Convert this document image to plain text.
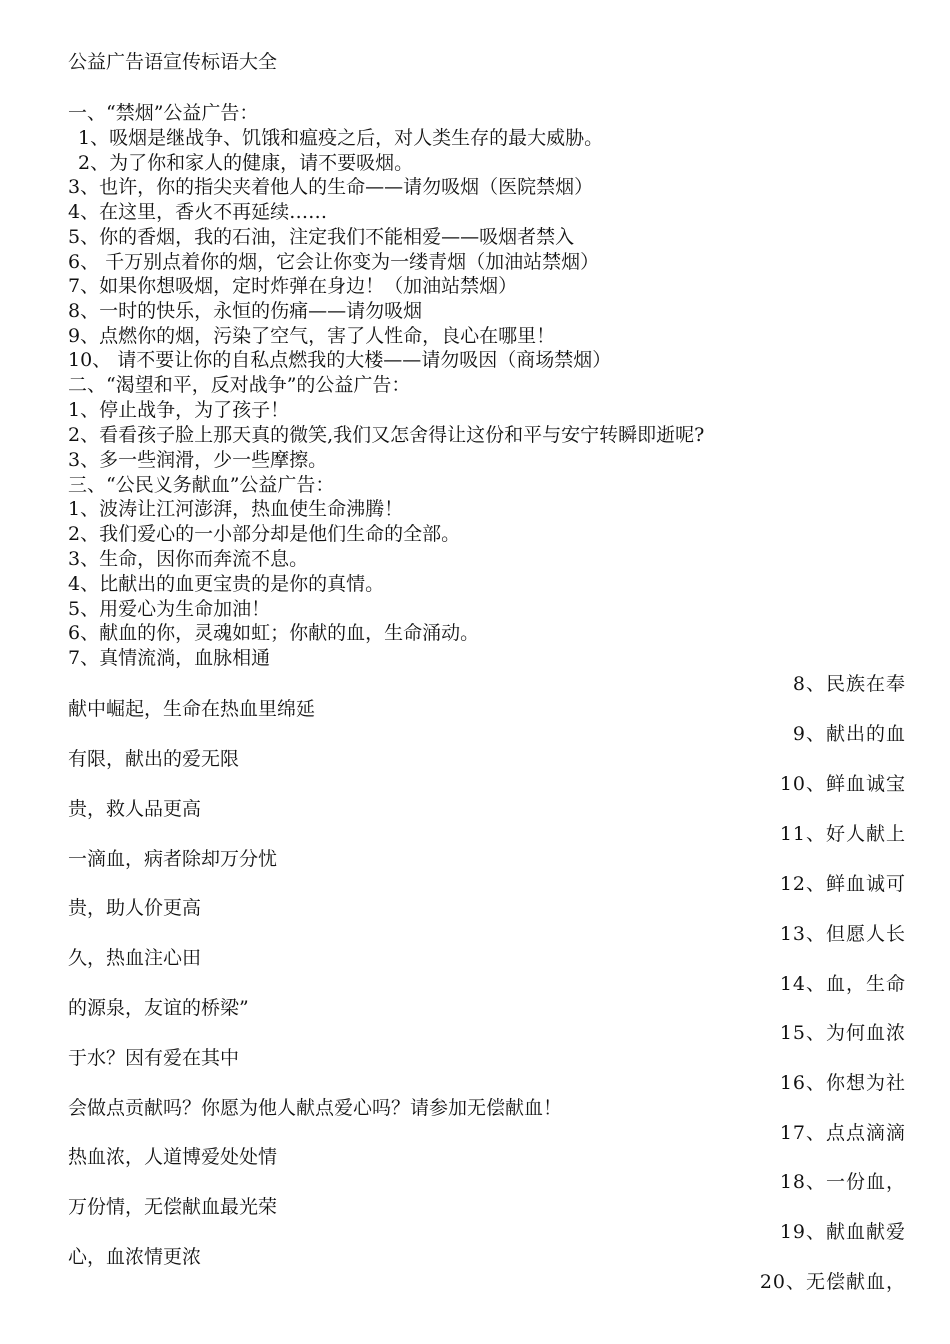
公益广告语宣传标语大全
一、“禁烟”公益广告：
1、吸烟是继战争、饥饿和瘟疫之后，对人类生存的最大威胁。
2、为了你和家人的健康，请不要吸烟。
3、也许，你的指尖夹着他人的生命——请勿吸烟（医院禁烟）
4、在这里，香火不再延续……
5、你的香烟，我的石油，注定我们不能相爱——吸烟者禁入
6、 千万别点着你的烟，它会让你变为一缕青烟（加油站禁烟）
7、如果你想吸烟，定时炸弹在身边！（加油站禁烟）
8、一时的快乐，永恒的伤痛——请勿吸烟
9、点燃你的烟，污染了空气，害了人性命，良心在哪里！
10、 请不要让你的自私点燃我的大楼——请勿吸因（商场禁烟）
二、“渴望和平，反对战争”的公益广告：
1、停止战争，为了孩子！
2、看看孩子脸上那天真的微笑,我们又怎舍得让这份和平与安宁转瞬即逝呢?
3、多一些润滑，少一些摩擦。
三、“公民义务献血”公益广告：
1、波涛让江河澎湃，热血使生命沸腾！
2、我们爱心的一小部分却是他们生命的全部。
3、生命，因你而奔流不息。
4、比献出的血更宝贵的是你的真情。
5、用爱心为生命加油！
6、献血的你，灵魂如虹；你献的血，生命涌动。
7、真情流淌，血脉相通
8、民族在奉
9、献出的血
10、鲜血诚宝
11、好人献上
12、鲜血诚可
13、但愿人长
14、血，生命
15、为何血浓
16、你想为社
17、点点滴滴
18、一份血，
19、献血献爱
20、无偿献血，
献中崛起，生命在热血里绵延
有限，献出的爱无限
贵，救人品更高
一滴血，病者除却万分忧
贵，助人价更高
久，热血注心田
的源泉，友谊的桥梁”
于水？因有爱在其中
会做点贡献吗？你愿为他人献点爱心吗？请参加无偿献血！
热血浓，人道博爱处处情
万份情，无偿献血最光荣
心，血浓情更浓
